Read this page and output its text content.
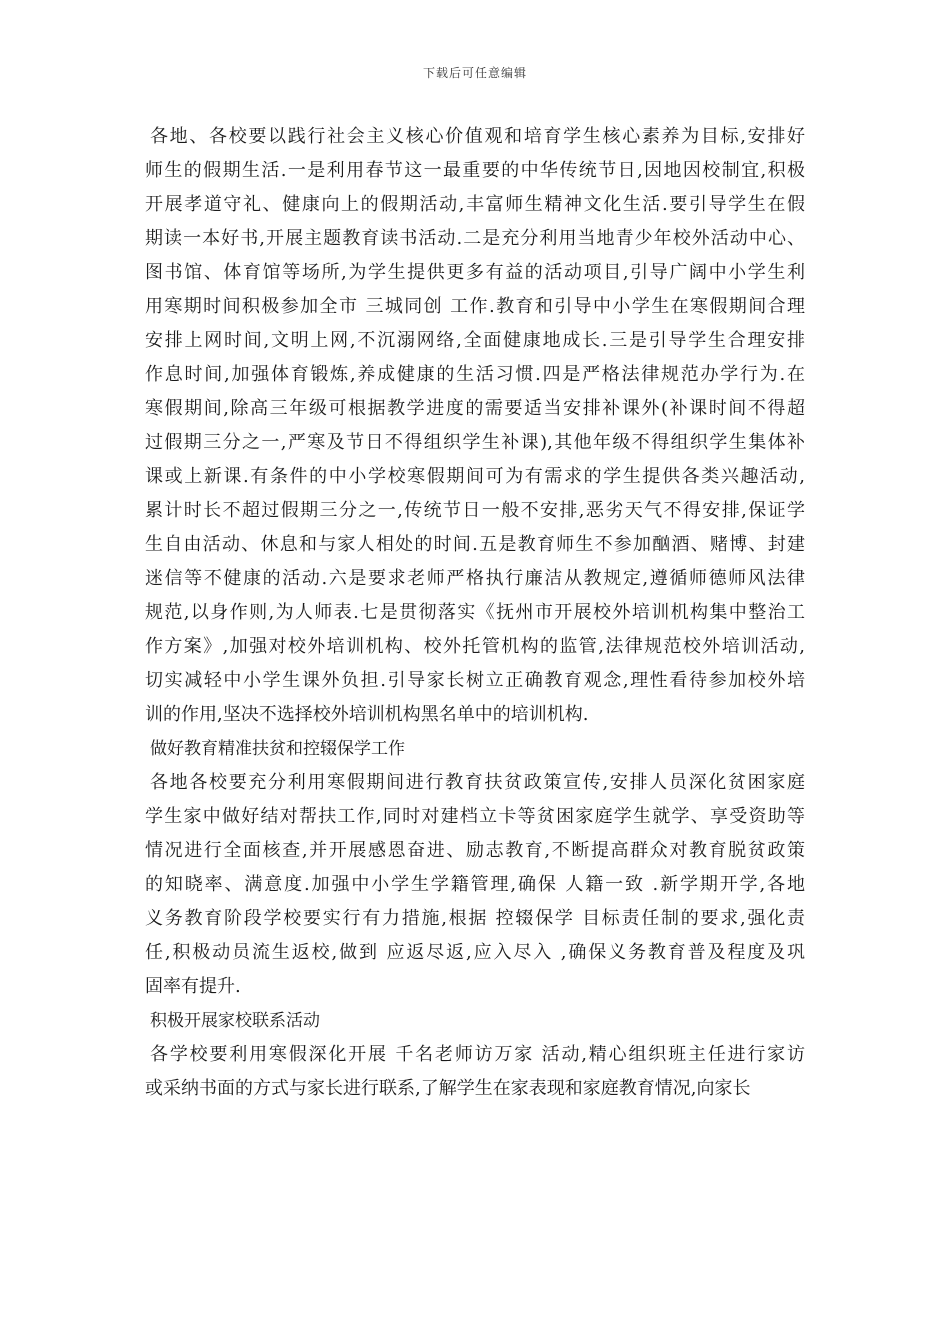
下载后可任意编辑
各地、各校要以践行社会主义核心价值观和培育学生核心素养为目标,安排好
师生的假期生活.一是利用春节这一最重要的中华传统节日,因地因校制宜,积极
开展孝道守礼、健康向上的假期活动,丰富师生精神文化生活.要引导学生在假
期读一本好书,开展主题教育读书活动.二是充分利用当地青少年校外活动中心、
图书馆、体育馆等场所,为学生提供更多有益的活动项目,引导广阔中小学生利
用寒期时间积极参加全市 三城同创 工作.教育和引导中小学生在寒假期间合理
安排上网时间,文明上网,不沉溺网络,全面健康地成长.三是引导学生合理安排
作息时间,加强体育锻炼,养成健康的生活习惯.四是严格法律规范办学行为.在
寒假期间,除高三年级可根据教学进度的需要适当安排补课外(补课时间不得超
过假期三分之一,严寒及节日不得组织学生补课),其他年级不得组织学生集体补
课或上新课.有条件的中小学校寒假期间可为有需求的学生提供各类兴趣活动,
累计时长不超过假期三分之一,传统节日一般不安排,恶劣天气不得安排,保证学
生自由活动、休息和与家人相处的时间.五是教育师生不参加酗酒、赌博、封建
迷信等不健康的活动.六是要求老师严格执行廉洁从教规定,遵循师德师风法律
规范,以身作则,为人师表.七是贯彻落实《抚州市开展校外培训机构集中整治工
作方案》,加强对校外培训机构、校外托管机构的监管,法律规范校外培训活动,
切实减轻中小学生课外负担.引导家长树立正确教育观念,理性看待参加校外培
训的作用,坚决不选择校外培训机构黑名单中的培训机构.
做好教育精准扶贫和控辍保学工作
各地各校要充分利用寒假期间进行教育扶贫政策宣传,安排人员深化贫困家庭
学生家中做好结对帮扶工作,同时对建档立卡等贫困家庭学生就学、享受资助等
情况进行全面核查,并开展感恩奋进、励志教育,不断提高群众对教育脱贫政策
的知晓率、满意度.加强中小学生学籍管理,确保 人籍一致 .新学期开学,各地
义务教育阶段学校要实行有力措施,根据 控辍保学 目标责任制的要求,强化责
任,积极动员流生返校,做到 应返尽返,应入尽入 ,确保义务教育普及程度及巩
固率有提升.
积极开展家校联系活动
各学校要利用寒假深化开展 千名老师访万家 活动,精心组织班主任进行家访
或采纳书面的方式与家长进行联系,了解学生在家表现和家庭教育情况,向家长
